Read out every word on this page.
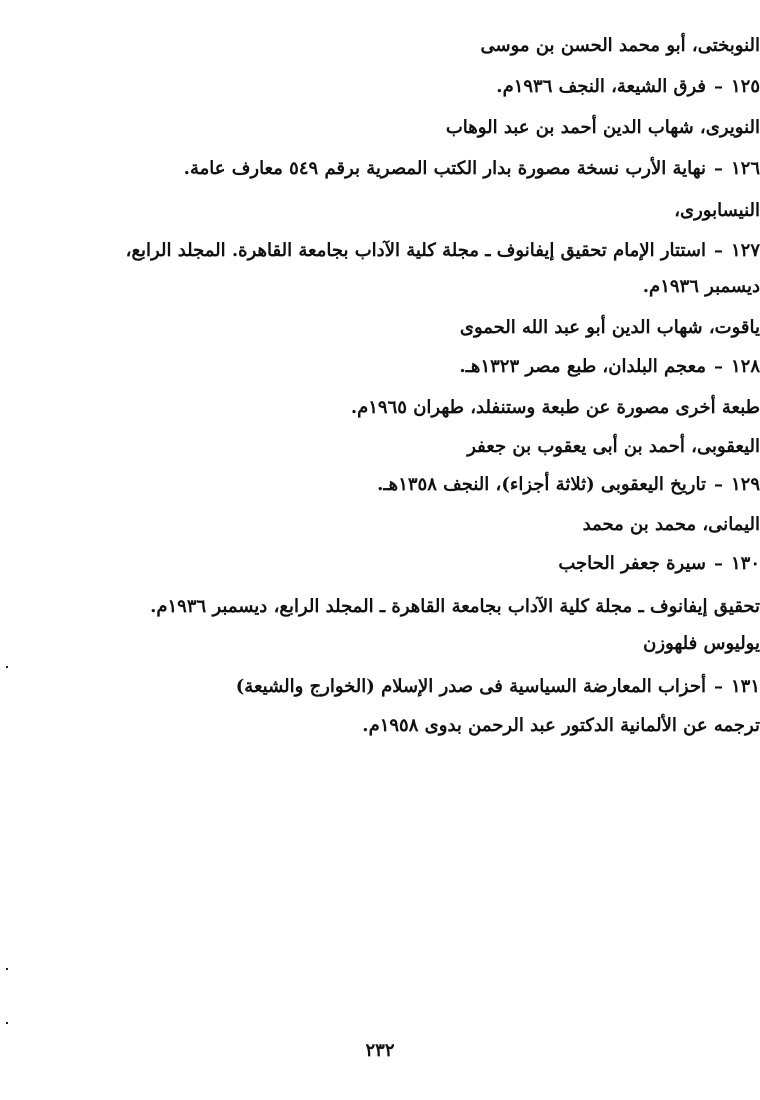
النوبختى، أبو محمد الحسن بن موسى
١٢٥–فرق الشيعة، النجف ١٩٣٦م.
النويرى، شهاب الدين أحمد بن عبد الوهاب
١٢٦–نهاية الأرب نسخة مصورة بدار الكتب المصرية برقم ٥٤٩ معارف عامة.
النيسابورى،
١٢٧–استتار الإمام تحقيق إيفانوف ـ مجلة كلية الآداب بجامعة القاهرة. المجلد الرابع،
ديسمبر ١٩٣٦م.
ياقوت، شهاب الدين أبو عبد الله الحموى
١٢٨–معجم البلدان، طبع مصر ١٣٢٣هـ.
طبعة أخرى مصورة عن طبعة وستنفلد، طهران ١٩٦٥م.
اليعقوبى، أحمد بن أبى يعقوب بن جعفر
١٢٩–تاريخ اليعقوبى (ثلاثة أجزاء)، النجف ١٣٥٨هـ.
اليمانى، محمد بن محمد
١٣٠–سيرة جعفر الحاجب
تحقيق إيفانوف ـ مجلة كلية الآداب بجامعة القاهرة ـ المجلد الرابع، ديسمبر ١٩٣٦م.
يوليوس فلهوزن
١٣١–أحزاب المعارضة السياسية فى صدر الإسلام (الخوارج والشيعة)
ترجمه عن الألمانية الدكتور عبد الرحمن بدوى ١٩٥٨م.
٢٣٢
